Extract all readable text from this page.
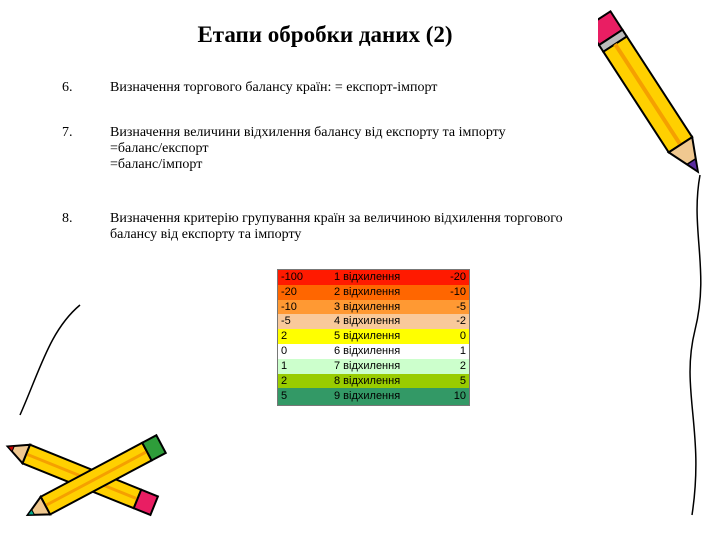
Етапи обробки даних (2)
6.	Визначення торгового балансу країн: = експорт-імпорт
7.	Визначення величини відхилення балансу від експорту та імпорту
=баланс/експорт
=баланс/імпорт
8.	Визначення критерію групування країн за величиною відхилення торгового
балансу від експорту та імпорту
-100	1 відхилення	-20
-20	2 відхилення	-10
-10	3 відхилення	-5
-5	4 відхилення	-2
2	5 відхилення	0
0	6 відхилення	1
1	7 відхилення	2
2	8 відхилення	5
5	9 відхилення	10
